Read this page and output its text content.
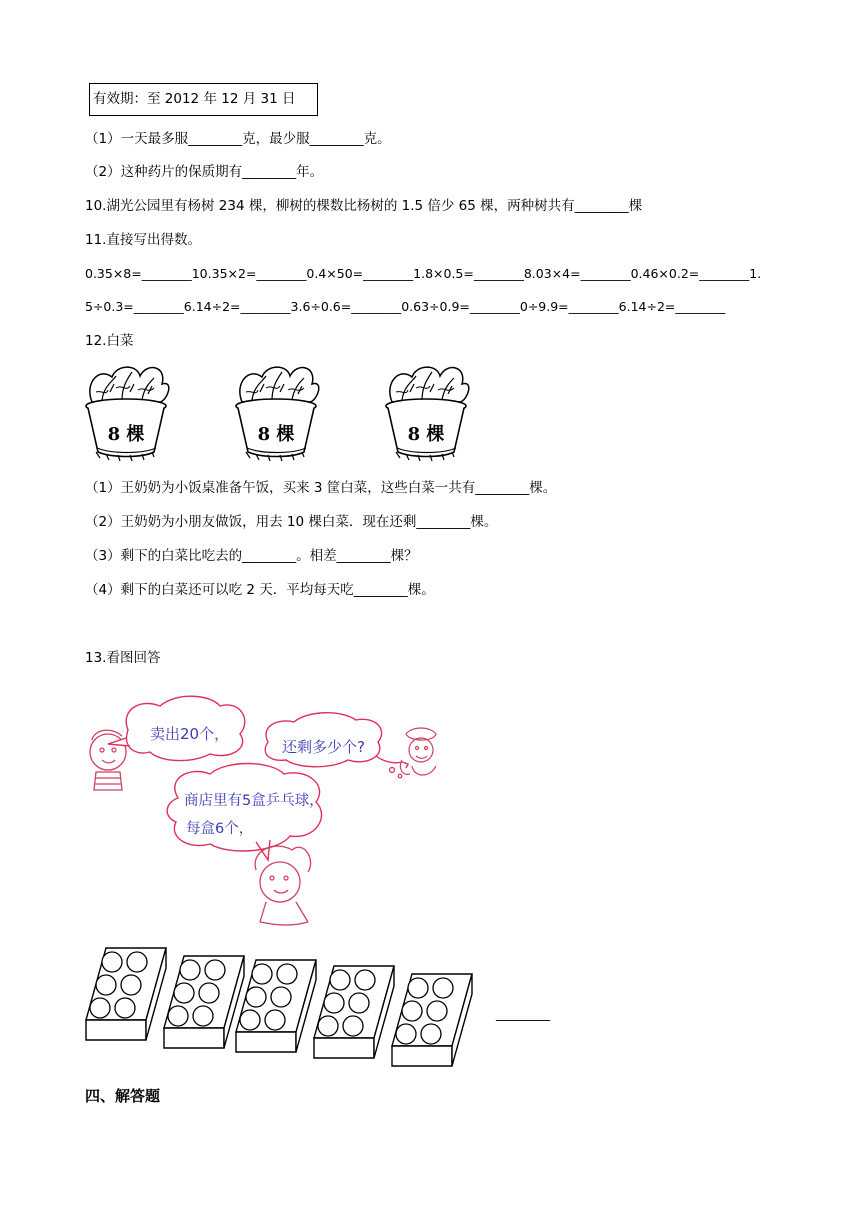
有效期：至 2012 年 12 月 31 日
（1）一天最多服________克，最少服________克。
（2）这种药片的保质期有________年。
10.湖光公园里有杨树 234 棵，柳树的棵数比杨树的 1.5 倍少 65 棵，两种树共有________棵
11.直接写出得数。
0.35×8=________10.35×2=________0.4×50=________1.8×0.5=________8.03×4=________0.46×0.2=________1.
5÷0.3=________6.14÷2=________3.6÷0.6=________0.63÷0.9=________0÷9.9=________6.14÷2=________
12.白菜
8 棵	8 棵	8 棵
（1）王奶奶为小饭桌准备午饭，买来 3 筐白菜，这些白菜一共有________棵。
（2）王奶奶为小朋友做饭，用去 10 棵白菜．现在还剩________棵。
（3）剩下的白菜比吃去的________。相差________棵？
（4）剩下的白菜还可以吃 2 天．平均每天吃________棵。
13.看图回答
卖出20个，
还剩多少个?
商店里有5盒乒乓球，
每盒6个，
________
四、解答题
